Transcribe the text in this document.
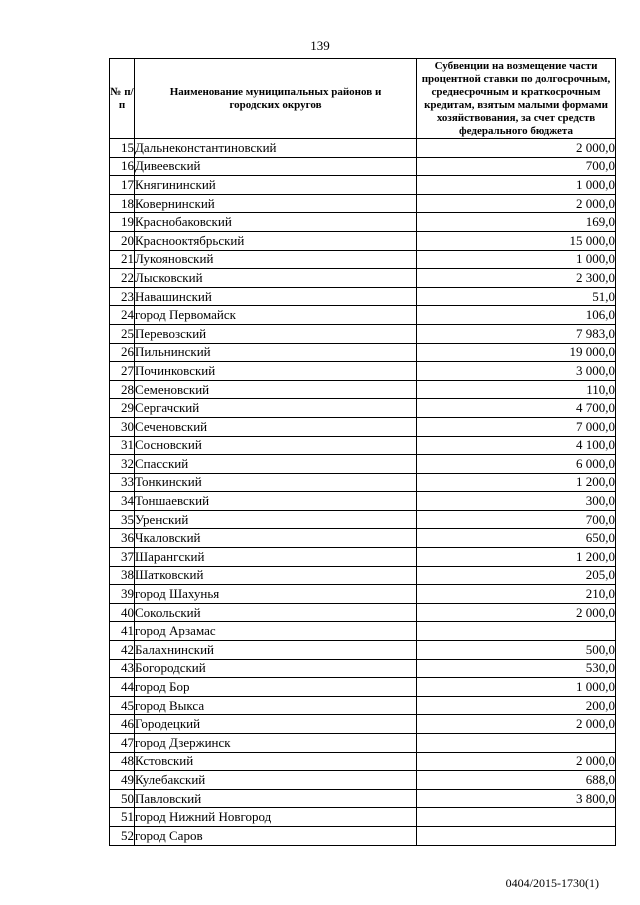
139
№ п/п	Наименование муниципальных районов и городских округов	Субвенции на возмещение части процентной ставки по долгосрочным, среднесрочным и краткосрочным кредитам, взятым малыми формами хозяйствования, за счет средств федерального бюджета
15	Дальнеконстантиновский	2 000,0
16	Дивеевский	700,0
17	Княгининский	1 000,0
18	Ковернинский	2 000,0
19	Краснобаковский	169,0
20	Краснооктябрьский	15 000,0
21	Лукояновский	1 000,0
22	Лысковский	2 300,0
23	Навашинский	51,0
24	город Первомайск	106,0
25	Перевозский	7 983,0
26	Пильнинский	19 000,0
27	Починковский	3 000,0
28	Семеновский	110,0
29	Сергачский	4 700,0
30	Сеченовский	7 000,0
31	Сосновский	4 100,0
32	Спасский	6 000,0
33	Тонкинский	1 200,0
34	Тоншаевский	300,0
35	Уренский	700,0
36	Чкаловский	650,0
37	Шарангский	1 200,0
38	Шатковский	205,0
39	город Шахунья	210,0
40	Сокольский	2 000,0
41	город Арзамас	
42	Балахнинский	500,0
43	Богородский	530,0
44	город Бор	1 000,0
45	город Выкса	200,0
46	Городецкий	2 000,0
47	город Дзержинск	
48	Кстовский	2 000,0
49	Кулебакский	688,0
50	Павловский	3 800,0
51	город Нижний Новгород	
52	город Саров	
0404/2015-1730(1)
